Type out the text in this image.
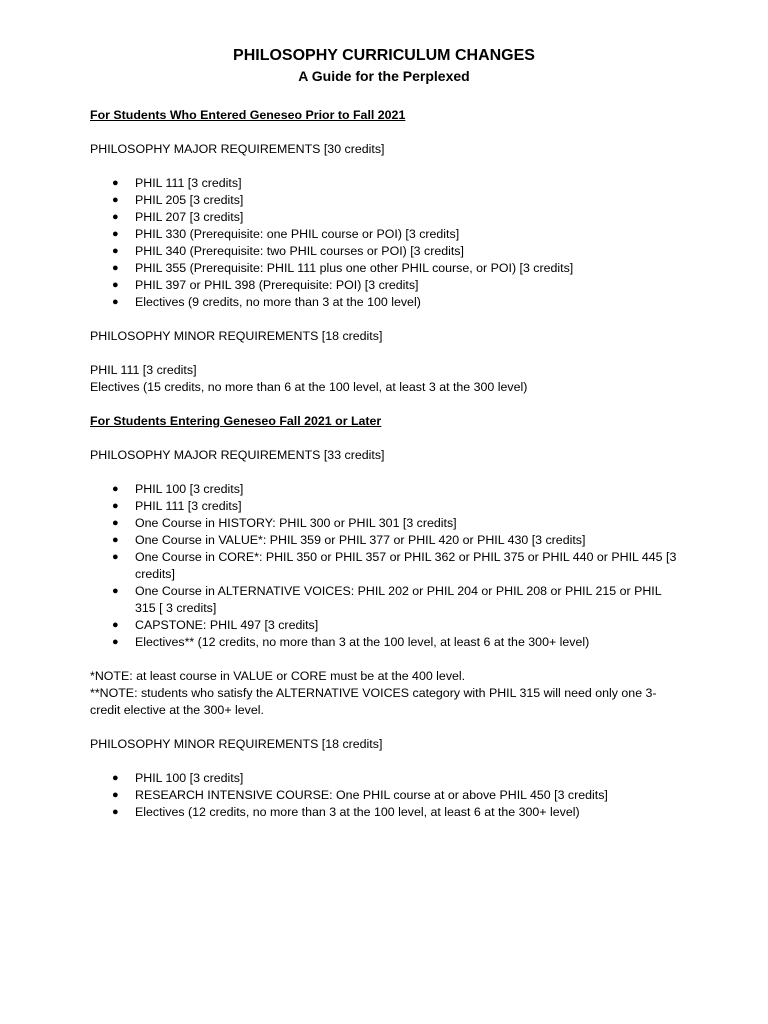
PHILOSOPHY CURRICULUM CHANGES
A Guide for the Perplexed

For Students Who Entered Geneseo Prior to Fall 2021

PHILOSOPHY MAJOR REQUIREMENTS [30 credits]

● PHIL 111 [3 credits]
● PHIL 205 [3 credits]
● PHIL 207 [3 credits]
● PHIL 330 (Prerequisite: one PHIL course or POI) [3 credits]
● PHIL 340 (Prerequisite: two PHIL courses or POI) [3 credits]
● PHIL 355 (Prerequisite: PHIL 111 plus one other PHIL course, or POI) [3 credits]
● PHIL 397 or PHIL 398 (Prerequisite: POI) [3 credits]
● Electives (9 credits, no more than 3 at the 100 level)

PHILOSOPHY MINOR REQUIREMENTS [18 credits]

PHIL 111 [3 credits]

Electives (15 credits, no more than 6 at the 100 level, at least 3 at the 300 level)

For Students Entering Geneseo Fall 2021 or Later

PHILOSOPHY MAJOR REQUIREMENTS [33 credits]

● PHIL 100 [3 credits]
● PHIL 111 [3 credits]
● One Course in HISTORY: PHIL 300 or PHIL 301 [3 credits]
● One Course in VALUE*: PHIL 359 or PHIL 377 or PHIL 420 or PHIL 430 [3 credits]
● One Course in CORE*: PHIL 350 or PHIL 357 or PHIL 362 or PHIL 375 or PHIL 440 or PHIL 445 [3 credits]
● One Course in ALTERNATIVE VOICES: PHIL 202 or PHIL 204 or PHIL 208 or PHIL 215 or PHIL 315 [ 3 credits]
● CAPSTONE: PHIL 497 [3 credits]
● Electives** (12 credits, no more than 3 at the 100 level, at least 6 at the 300+ level)

*NOTE: at least course in VALUE or CORE must be at the 400 level.

**NOTE: students who satisfy the ALTERNATIVE VOICES category with PHIL 315 will need only one 3-credit elective at the 300+ level.

PHILOSOPHY MINOR REQUIREMENTS [18 credits]

● PHIL 100 [3 credits]
● RESEARCH INTENSIVE COURSE: One PHIL course at or above PHIL 450 [3 credits]
● Electives (12 credits, no more than 3 at the 100 level, at least 6 at the 300+ level)
